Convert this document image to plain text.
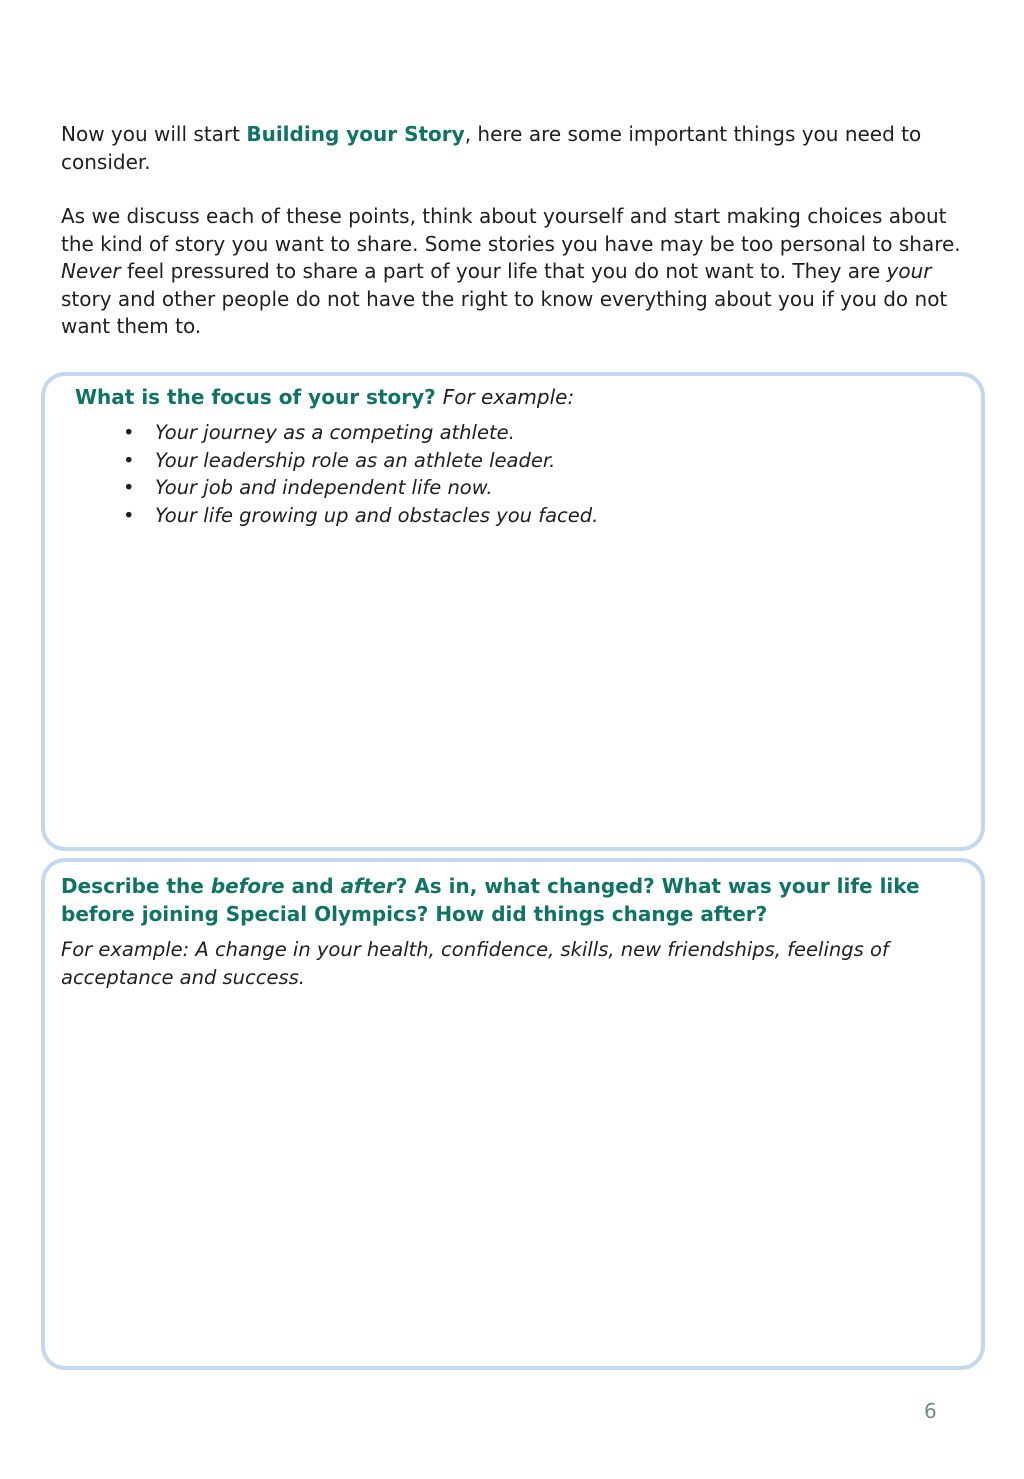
Now you will start Building your Story, here are some important things you need to consider.

As we discuss each of these points, think about yourself and start making choices about the kind of story you want to share. Some stories you have may be too personal to share. Never feel pressured to share a part of your life that you do not want to. They are your story and other people do not have the right to know everything about you if you do not want them to.

What is the focus of your story? For example:

• Your journey as a competing athlete.
• Your leadership role as an athlete leader.
• Your job and independent life now.
• Your life growing up and obstacles you faced.

Describe the before and after? As in, what changed? What was your life like before joining Special Olympics? How did things change after?

For example: A change in your health, confidence, skills, new friendships, feelings of acceptance and success.

6
